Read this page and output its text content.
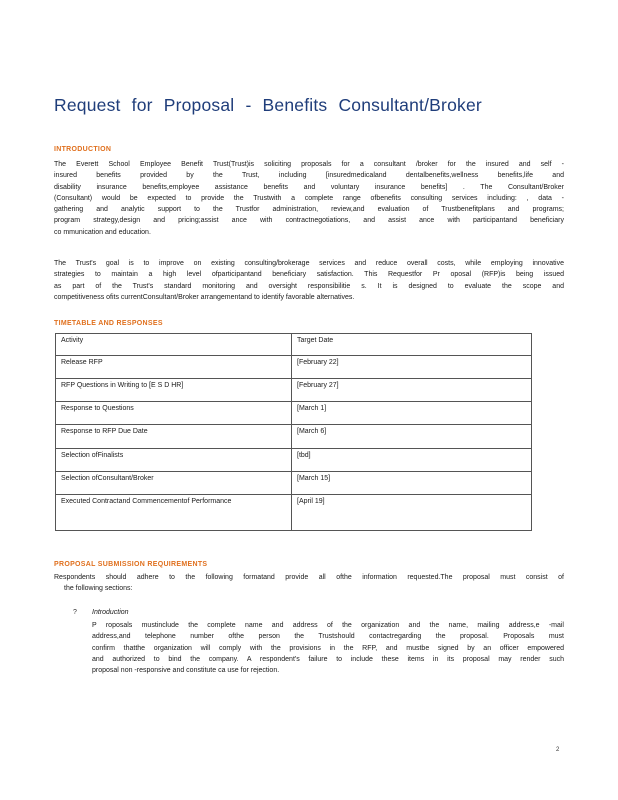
Request for Proposal - Benefits Consultant/Broker
INTRODUCTION
The Everett School Employee Benefit Trust(Trust)is soliciting proposals for a consultant /broker for the insured and self -
insured benefits provided by the Trust, including [insuredmedicaland dentalbenefits,wellness benefits,life and
disability insurance benefits,employee assistance benefits and voluntary insurance benefits] . The Consultant/Broker
(Consultant) would be expected to provide the Trustwith a complete range ofbenefits consulting services including: , data -
gathering and analytic support to the Trustfor administration, review,and evaluation of Trustbenefitplans and programs;
program strategy,design and pricing;assist ance with contractnegotiations, and assist ance with participantand beneficiary
co mmunication and education.
The Trust's goal is to improve on existing consulting/brokerage services and reduce overall costs, while employing innovative
strategies to maintain a high level ofparticipantand beneficiary satisfaction. This Requestfor Pr oposal (RFP)is being issued
as part of the Trust's standard monitoring and oversight responsibilitie s. It is designed to evaluate the scope and
competitiveness ofits currentConsultant/Broker arrangementand to identify favorable alternatives.
TIMETABLE AND RESPONSES
Activity	Target Date
Release RFP	[February 22]
RFP Questions in Writing to [E S D HR]	[February 27]
Response to Questions	[March 1]
Response to RFP Due Date	[March 6]
Selection ofFinalists	[tbd]
Selection ofConsultant/Broker	[March 15]
Executed Contractand Commencementof Performance	[April 19]
PROPOSAL SUBMISSION REQUIREMENTS
Respondents should adhere to the following formatand provide all ofthe information requested.The proposal must consist of
the following sections:
? Introduction
P roposals mustinclude the complete name and address of the organization and the name, mailing address,e -mail
address,and telephone number ofthe person the Trustshould contactregarding the proposal. Proposals must
confirm thatthe organization will comply with the provisions in the RFP, and mustbe signed by an officer empowered
and authorized to bind the company. A respondent's failure to include these items in its proposal may render such
proposal non -responsive and constitute ca use for rejection.
2
